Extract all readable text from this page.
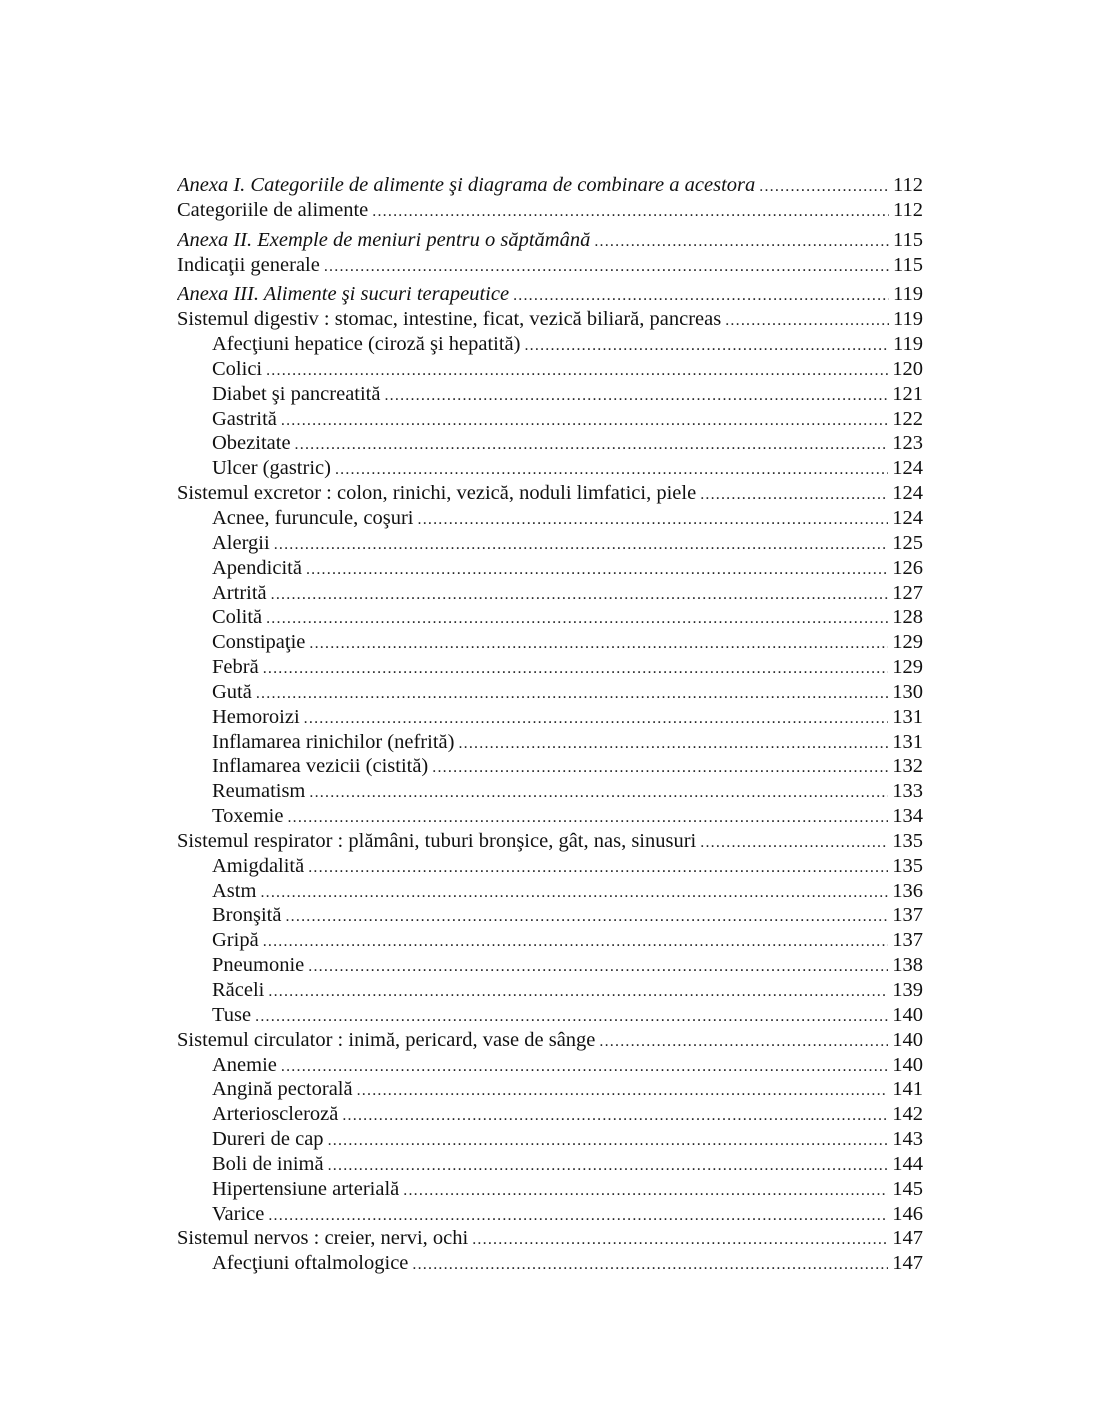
Anexa I. Categoriile de alimente şi diagrama de combinare a acestora .....	112
Categoriile de alimente .....	112
Anexa II. Exemple de meniuri pentru o săptămână .....	115
Indicaţii generale .....	115
Anexa III. Alimente şi sucuri terapeutice .....	119
Sistemul digestiv : stomac, intestine, ficat, vezică biliară, pancreas .....	119
Afecţiuni hepatice (ciroză şi hepatită) .....	119
Colici .....	120
Diabet şi pancreatită .....	121
Gastrită .....	122
Obezitate .....	123
Ulcer (gastric) .....	124
Sistemul excretor : colon, rinichi, vezică, noduli limfatici, piele .....	124
Acnee, furuncule, coşuri .....	124
Alergii .....	125
Apendicită .....	126
Artrită .....	127
Colită .....	128
Constipaţie .....	129
Febră .....	129
Gută .....	130
Hemoroizi .....	131
Inflamarea rinichilor (nefrită) .....	131
Inflamarea vezicii (cistită) .....	132
Reumatism .....	133
Toxemie .....	134
Sistemul respirator : plămâni, tuburi bronşice, gât, nas, sinusuri .....	135
Amigdalită .....	135
Astm .....	136
Bronşită .....	137
Gripă .....	137
Pneumonie .....	138
Răceli .....	139
Tuse .....	140
Sistemul circulator : inimă, pericard, vase de sânge .....	140
Anemie .....	140
Angină pectorală .....	141
Arterioscleroză .....	142
Dureri de cap .....	143
Boli de inimă .....	144
Hipertensiune arterială .....	145
Varice .....	146
Sistemul nervos : creier, nervi, ochi .....	147
Afecţiuni oftalmologice .....	147
